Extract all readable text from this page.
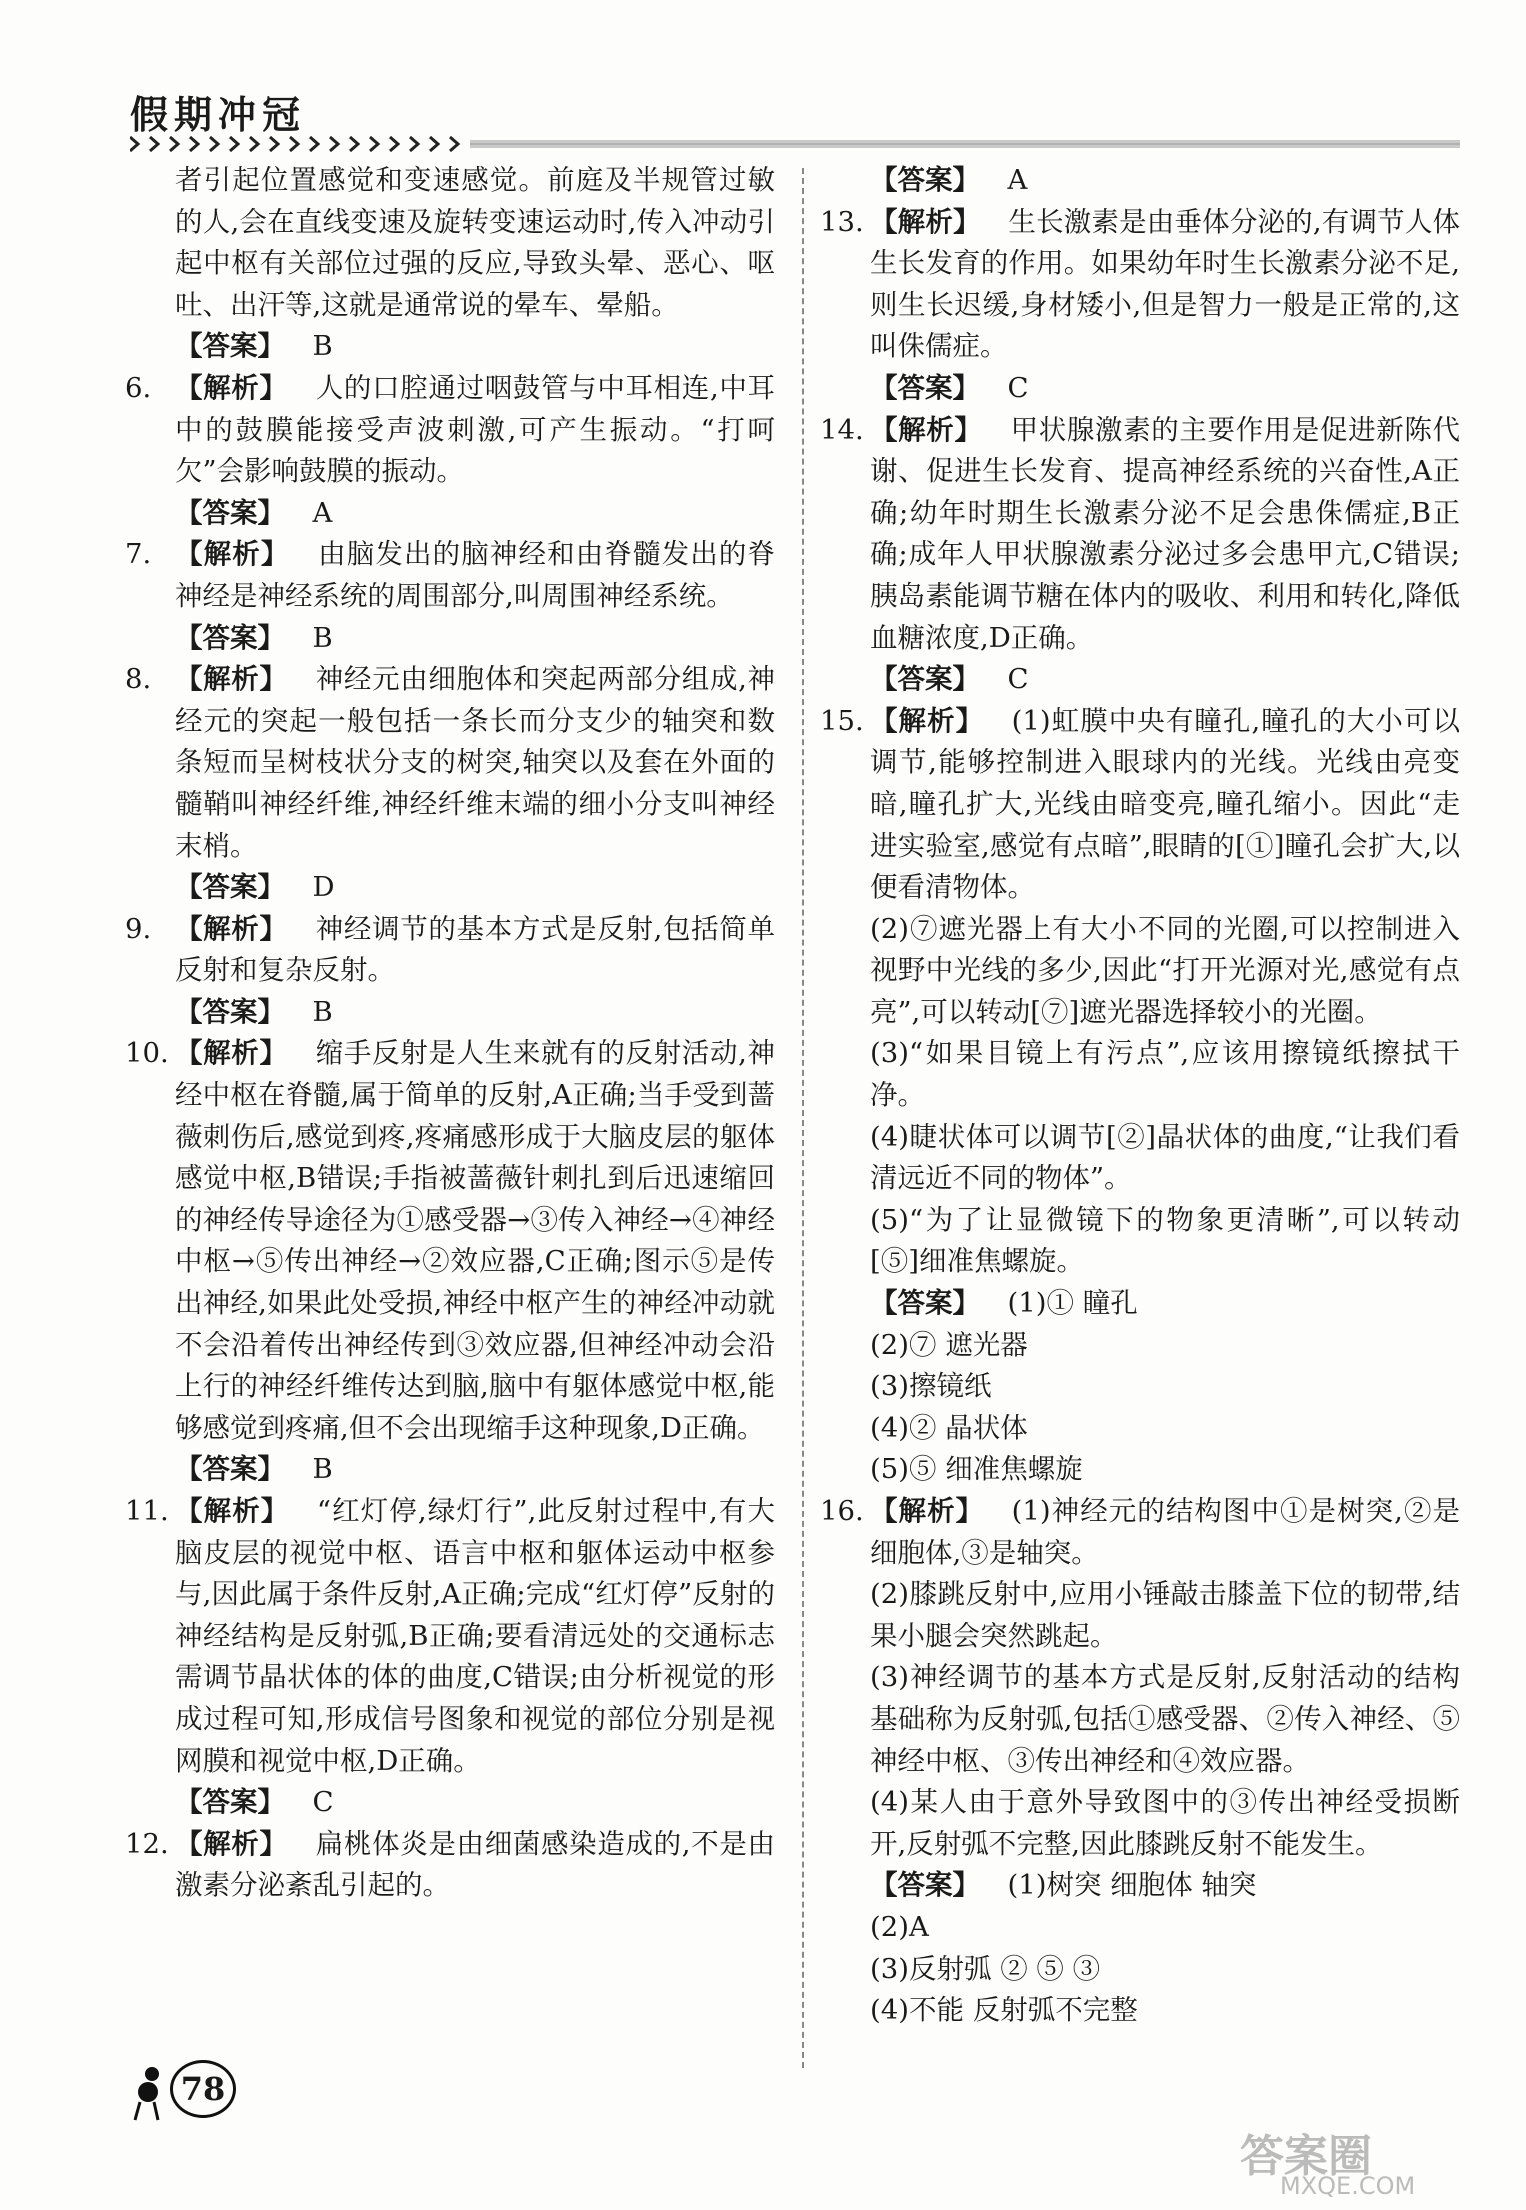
假期冲冠

者引起位置感觉和变速感觉。前庭及半规管过敏的人,会在直线变速及旋转变速运动时,传入冲动引起中枢有关部位过强的反应,导致头晕、恶心、呕吐、出汗等,这就是通常说的晕车、晕船。

【答案】 B

6. 【解析】 人的口腔通过咽鼓管与中耳相连,中耳中的鼓膜能接受声波刺激,可产生振动。“打呵欠”会影响鼓膜的振动。

【答案】 A

7. 【解析】 由脑发出的脑神经和由脊髓发出的脊神经是神经系统的周围部分,叫周围神经系统。

【答案】 B

8. 【解析】 神经元由细胞体和突起两部分组成,神经元的突起一般包括一条长而分支少的轴突和数条短而呈树枝状分支的树突,轴突以及套在外面的髓鞘叫神经纤维,神经纤维末端的细小分支叫神经末梢。

【答案】 D

9. 【解析】 神经调节的基本方式是反射,包括简单反射和复杂反射。

【答案】 B

10. 【解析】 缩手反射是人生来就有的反射活动,神经中枢在脊髓,属于简单的反射,A正确;当手受到蔷薇刺伤后,感觉到疼,疼痛感形成于大脑皮层的躯体感觉中枢,B错误;手指被蔷薇针刺扎到后迅速缩回的神经传导途径为①感受器→③传入神经→④神经中枢→⑤传出神经→②效应器,C正确;图示⑤是传出神经,如果此处受损,神经中枢产生的神经冲动就不会沿着传出神经传到③效应器,但神经冲动会沿上行的神经纤维传达到脑,脑中有躯体感觉中枢,能够感觉到疼痛,但不会出现缩手这种现象,D正确。

【答案】 B

11. 【解析】 “红灯停,绿灯行”,此反射过程中,有大脑皮层的视觉中枢、语言中枢和躯体运动中枢参与,因此属于条件反射,A正确;完成“红灯停”反射的神经结构是反射弧,B正确;要看清远处的交通标志需调节晶状体的体的曲度,C错误;由分析视觉的形成过程可知,形成信号图象和视觉的部位分别是视网膜和视觉中枢,D正确。

【答案】 C

12. 【解析】 扁桃体炎是由细菌感染造成的,不是由激素分泌紊乱引起的。

【答案】 A

13. 【解析】 生长激素是由垂体分泌的,有调节人体生长发育的作用。如果幼年时生长激素分泌不足,则生长迟缓,身材矮小,但是智力一般是正常的,这叫侏儒症。

【答案】 C

14. 【解析】 甲状腺激素的主要作用是促进新陈代谢、促进生长发育、提高神经系统的兴奋性,A正确;幼年时期生长激素分泌不足会患侏儒症,B正确;成年人甲状腺激素分泌过多会患甲亢,C错误;胰岛素能调节糖在体内的吸收、利用和转化,降低血糖浓度,D正确。

【答案】 C

15. 【解析】 (1)虹膜中央有瞳孔,瞳孔的大小可以调节,能够控制进入眼球内的光线。光线由亮变暗,瞳孔扩大,光线由暗变亮,瞳孔缩小。因此“走进实验室,感觉有点暗”,眼睛的[①]瞳孔会扩大,以便看清物体。

(2)⑦遮光器上有大小不同的光圈,可以控制进入视野中光线的多少,因此“打开光源对光,感觉有点亮”,可以转动[⑦]遮光器选择较小的光圈。

(3)“如果目镜上有污点”,应该用擦镜纸擦拭干净。

(4)睫状体可以调节[②]晶状体的曲度,“让我们看清远近不同的物体”。

(5)“为了让显微镜下的物象更清晰”,可以转动[⑤]细准焦螺旋。

【答案】 (1)① 瞳孔

(2)⑦ 遮光器

(3)擦镜纸

(4)② 晶状体

(5)⑤ 细准焦螺旋

16. 【解析】 (1)神经元的结构图中①是树突,②是细胞体,③是轴突。

(2)膝跳反射中,应用小锤敲击膝盖下位的韧带,结果小腿会突然跳起。

(3)神经调节的基本方式是反射,反射活动的结构基础称为反射弧,包括①感受器、②传入神经、⑤神经中枢、③传出神经和④效应器。

(4)某人由于意外导致图中的③传出神经受损断开,反射弧不完整,因此膝跳反射不能发生。

【答案】 (1)树突 细胞体 轴突

(2)A

(3)反射弧 ② ⑤ ③

(4)不能 反射弧不完整

78
答案圈
MXQE.COM
